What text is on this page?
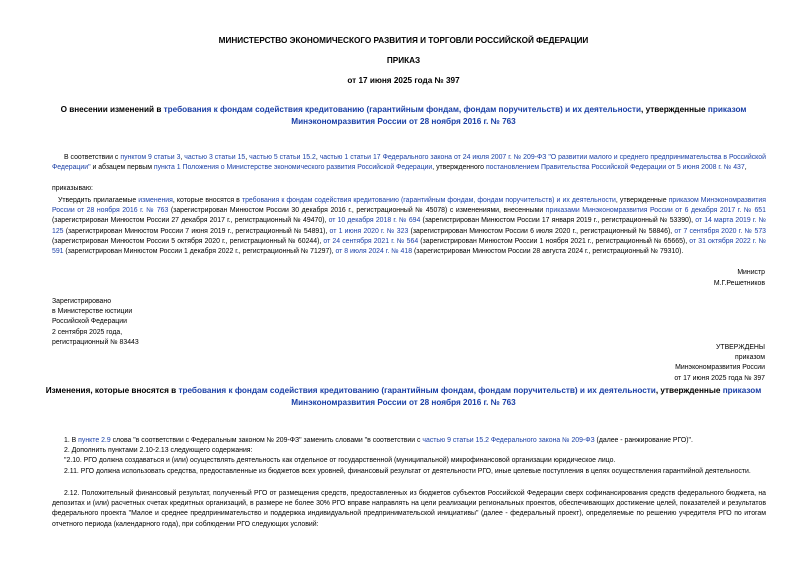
МИНИСТЕРСТВО ЭКОНОМИЧЕСКОГО РАЗВИТИЯ И ТОРГОВЛИ РОССИЙСКОЙ ФЕДЕРАЦИИ
ПРИКАЗ
от 17 июня 2025 года № 397
О внесении изменений в требования к фондам содействия кредитованию (гарантийным фондам, фондам поручительств) и их деятельности, утвержденные приказом Минэкономразвития России от 28 ноября 2016 г. № 763
В соответствии с пунктом 9 статьи 3, частью 3 статьи 15, частью 5 статьи 15.2, частью 1 статьи 17 Федерального закона от 24 июля 2007 г. № 209-ФЗ "О развитии малого и среднего предпринимательства в Российской Федерации" и абзацем первым пункта 1 Положения о Министерстве экономического развития Российской Федерации, утвержденного постановлением Правительства Российской Федерации от 5 июня 2008 г. № 437,
приказываю:
Утвердить прилагаемые изменения, которые вносятся в требования к фондам содействия кредитованию (гарантийным фондам, фондам поручительств) и их деятельности, утвержденные приказом Минэкономразвития России от 28 ноября 2016 г. № 763 (зарегистрирован Минюстом России 30 декабря 2016 г., регистрационный № 45078) с изменениями, внесенными приказами Минэкономразвития России от 6 декабря 2017 г. № 651 (зарегистрирован Минюстом России 27 декабря 2017 г., регистрационный № 49470), от 10 декабря 2018 г. № 694 (зарегистрирован Минюстом России 17 января 2019 г., регистрационный № 53390), от 14 марта 2019 г. № 125 (зарегистрирован Минюстом России 7 июня 2019 г., регистрационный № 54891), от 1 июня 2020 г. № 323 (зарегистрирован Минюстом России 6 июля 2020 г., регистрационный № 58846), от 7 сентября 2020 г. № 573 (зарегистрирован Минюстом России 5 октября 2020 г., регистрационный № 60244), от 24 сентября 2021 г. № 564 (зарегистрирован Минюстом России 1 ноября 2021 г., регистрационный № 65665), от 31 октября 2022 г. № 591 (зарегистрирован Минюстом России 1 декабря 2022 г., регистрационный № 71297), от 8 июля 2024 г. № 418 (зарегистрирован Минюстом России 28 августа 2024 г., регистрационный № 79310).
Министр
М.Г.Решетников
Зарегистрировано
в Министерстве юстиции
Российской Федерации
2 сентября 2025 года,
регистрационный № 83443
УТВЕРЖДЕНЫ
приказом
Минэкономразвития России
от 17 июня 2025 года № 397
Изменения, которые вносятся в требования к фондам содействия кредитованию (гарантийным фондам, фондам поручительств) и их деятельности, утвержденные приказом Минэкономразвития России от 28 ноября 2016 г. № 763
1. В пункте 2.9 слова "в соответствии с Федеральным законом № 209-ФЗ" заменить словами "в соответствии с частью 9 статьи 15.2 Федерального закона № 209-ФЗ (далее - ранжирование РГО)".
2. Дополнить пунктами 2.10-2.13 следующего содержания:
"2.10. РГО должна создаваться и (или) осуществлять деятельность как отдельное от государственной (муниципальной) микрофинансовой организации юридическое лицо.
2.11. РГО должна использовать средства, предоставленные из бюджетов всех уровней, финансовый результат от деятельности РГО, иные целевые поступления в целях осуществления гарантийной деятельности.
2.12. Положительный финансовый результат, полученный РГО от размещения средств, предоставленных из бюджетов субъектов Российской Федерации сверх софинансирования средств федерального бюджета, на депозитах и (или) расчетных счетах кредитных организаций, в размере не более 30% РГО вправе направлять на цели реализации региональных проектов, обеспечивающих достижение целей, показателей и результатов федерального проекта "Малое и среднее предпринимательство и поддержка индивидуальной предпринимательской инициативы" (далее - федеральный проект), определяемые по решению учредителя РГО по итогам отчетного периода (календарного года), при соблюдении РГО следующих условий:
